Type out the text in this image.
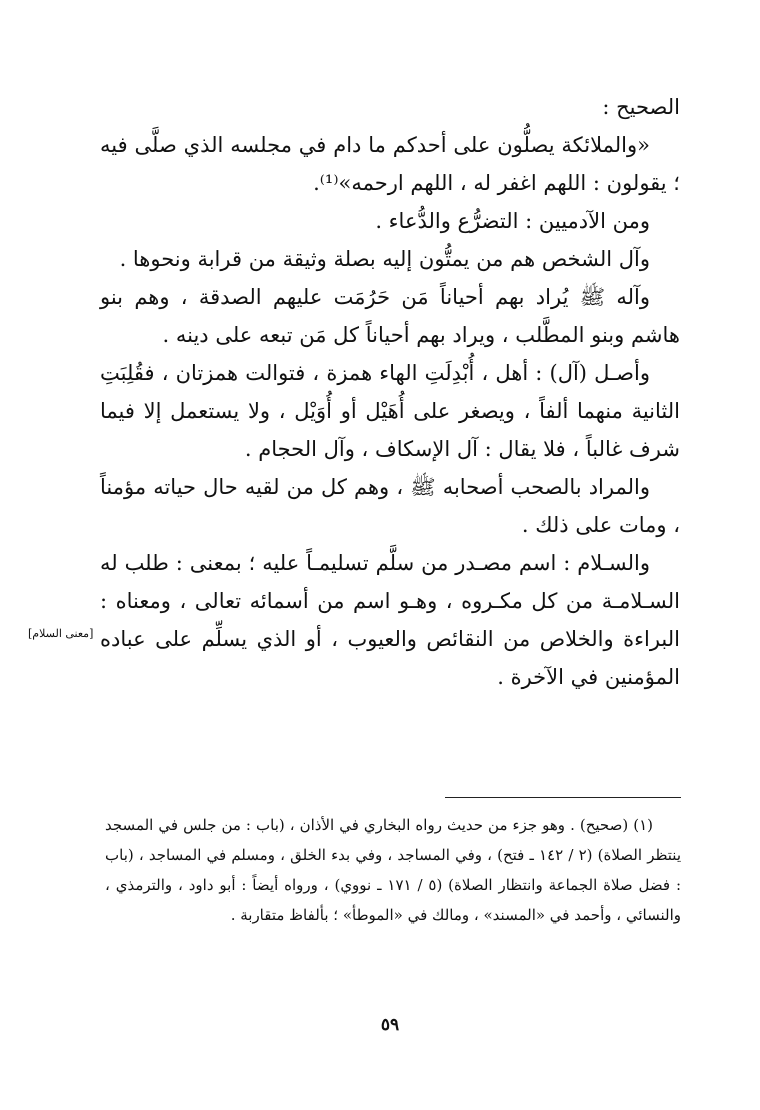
الصحيح :

«والملائكة يصلُّون على أحدكم ما دام في مجلسه الذي صلَّى فيه ؛ يقولون : اللهم اغفر له ، اللهم ارحمه»⁽¹⁾.

ومن الآدميين : التضرُّع والدُّعاء .

وآل الشخص هم من يمتُّون إليه بصلة وثيقة من قرابة ونحوها .

وآله ﷺ يُراد بهم أحياناً مَن حَرُمَت عليهم الصدقة ، وهم بنو هاشم وبنو المطَّلب ، ويراد بهم أحياناً كل مَن تبعه على دينه .

وأصـل (آل) : أهل ، أُبْدِلَتِ الهاء همزة ، فتوالت همزتان ، فقُلِبَتِ الثانية منهما ألفاً ، ويصغر على أُهَيْل أو أُوَيْل ، ولا يستعمل إلا فيما شرف غالباً ، فلا يقال : آل الإسكاف ، وآل الحجام .

والمراد بالصحب أصحابه ﷺ ، وهم كل من لقيه حال حياته مؤمناً ، ومات على ذلك .

والسـلام : اسم مصـدر من سلَّم تسليمـاً عليه ؛ بمعنى : طلب له السـلامـة من كل مكـروه ، وهـو اسم من أسمائه تعالى ، ومعناه : البراءة والخلاص من النقائص والعيوب ، أو الذي يسلِّم على عباده المؤمنين في الآخرة .

[معنى السلام]

(١) (صحيح) . وهو جزء من حديث رواه البخاري في الأذان ، (باب : من جلس في المسجد ينتظر الصلاة) (٢ / ١٤٢ ـ فتح) ، وفي المساجد ، وفي بدء الخلق ، ومسلم في المساجد ، (باب : فضل صلاة الجماعة وانتظار الصلاة) (٥ / ١٧١ ـ نووي) ، ورواه أيضاً : أبو داود ، والترمذي ، والنسائي ، وأحمد في «المسند» ، ومالك في «الموطأ» ؛ بألفاظ متقاربة .

٥٩
